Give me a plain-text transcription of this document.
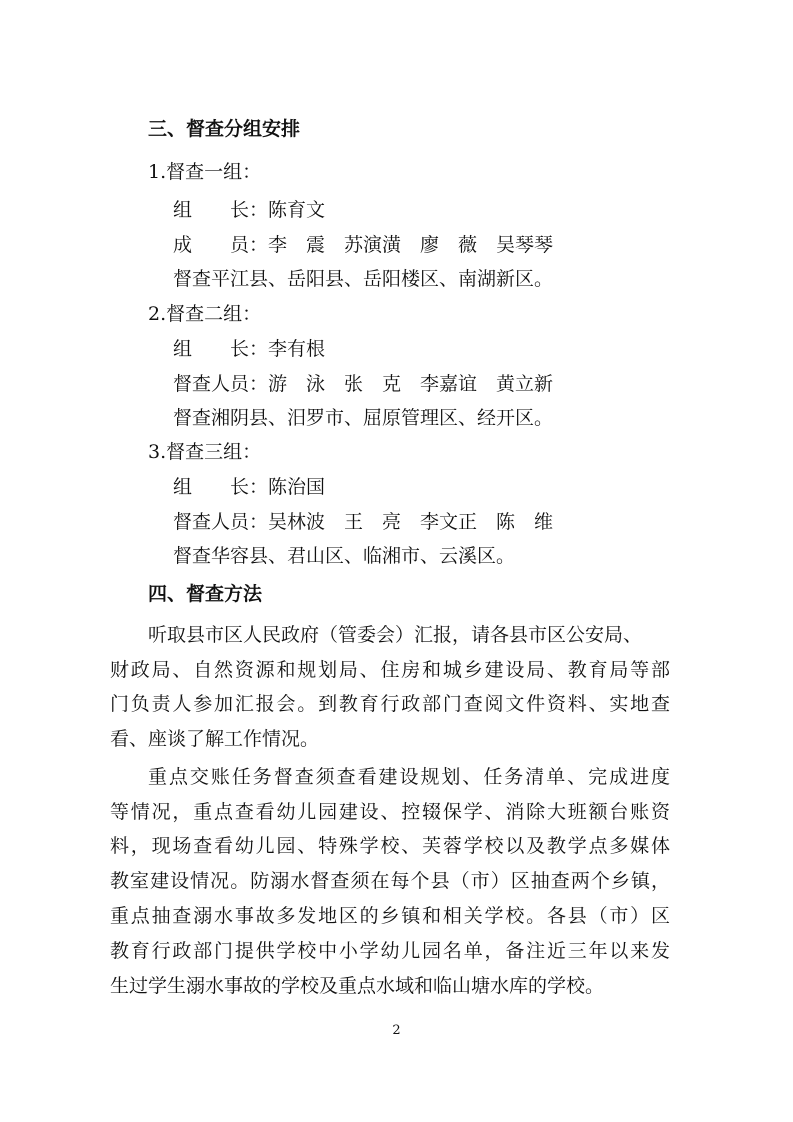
三、督查分组安排
1.督查一组：
组　　长：陈育文
成　　员：李　震　苏演潢　廖　薇　吴琴琴
督查平江县、岳阳县、岳阳楼区、南湖新区。
2.督查二组：
组　　长：李有根
督查人员：游　泳　张　克　李嘉谊　黄立新
督查湘阴县、汨罗市、屈原管理区、经开区。
3.督查三组：
组　　长：陈治国
督查人员：吴林波　王　亮　李文正　陈　维
督查华容县、君山区、临湘市、云溪区。
四、督查方法
听取县市区人民政府（管委会）汇报，请各县市区公安局、
财政局、自然资源和规划局、住房和城乡建设局、教育局等部
门负责人参加汇报会。到教育行政部门查阅文件资料、实地查
看、座谈了解工作情况。
重点交账任务督查须查看建设规划、任务清单、完成进度
等情况，重点查看幼儿园建设、控辍保学、消除大班额台账资
料，现场查看幼儿园、特殊学校、芙蓉学校以及教学点多媒体
教室建设情况。防溺水督查须在每个县（市）区抽查两个乡镇，
重点抽查溺水事故多发地区的乡镇和相关学校。各县（市）区
教育行政部门提供学校中小学幼儿园名单，备注近三年以来发
生过学生溺水事故的学校及重点水域和临山塘水库的学校。
2
